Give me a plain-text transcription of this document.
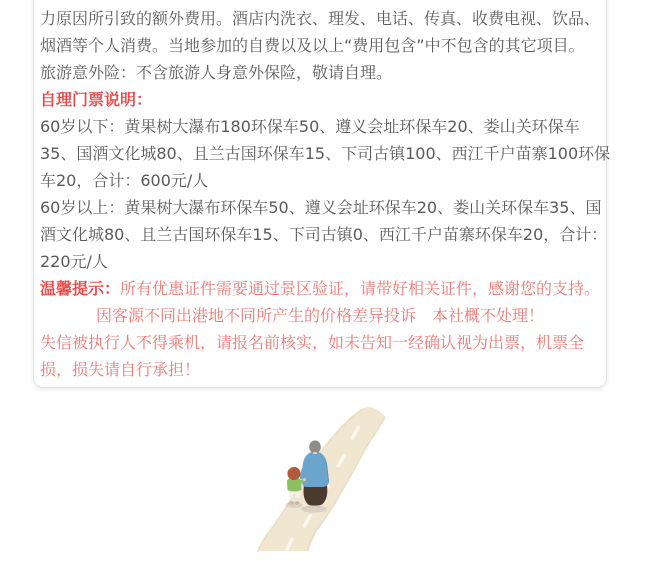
力原因所引致的额外费用。酒店内洗衣、理发、电话、传真、收费电视、饮品、
烟酒等个人消费。当地参加的自费以及以上“费用包含”中不包含的其它项目。
旅游意外险：不含旅游人身意外保险，敬请自理。
自理门票说明：
60岁以下：黄果树大瀑布180环保车50、遵义会址环保车20、娄山关环保车
35、国酒文化城80、且兰古国环保车15、下司古镇100、西江千户苗寨100环保
车20，合计：600元/人
60岁以上：黄果树大瀑布环保车50、遵义会址环保车20、娄山关环保车35、国
酒文化城80、且兰古国环保车15、下司古镇0、西江千户苗寨环保车20，合计：
220元/人
温馨提示：所有优惠证件需要通过景区验证，请带好相关证件，感谢您的支持。
因客源不同出港地不同所产生的价格差异投诉　本社概不处理！
失信被执行人不得乘机，请报名前核实，如未告知一经确认视为出票，机票全
损，损失请自行承担！
